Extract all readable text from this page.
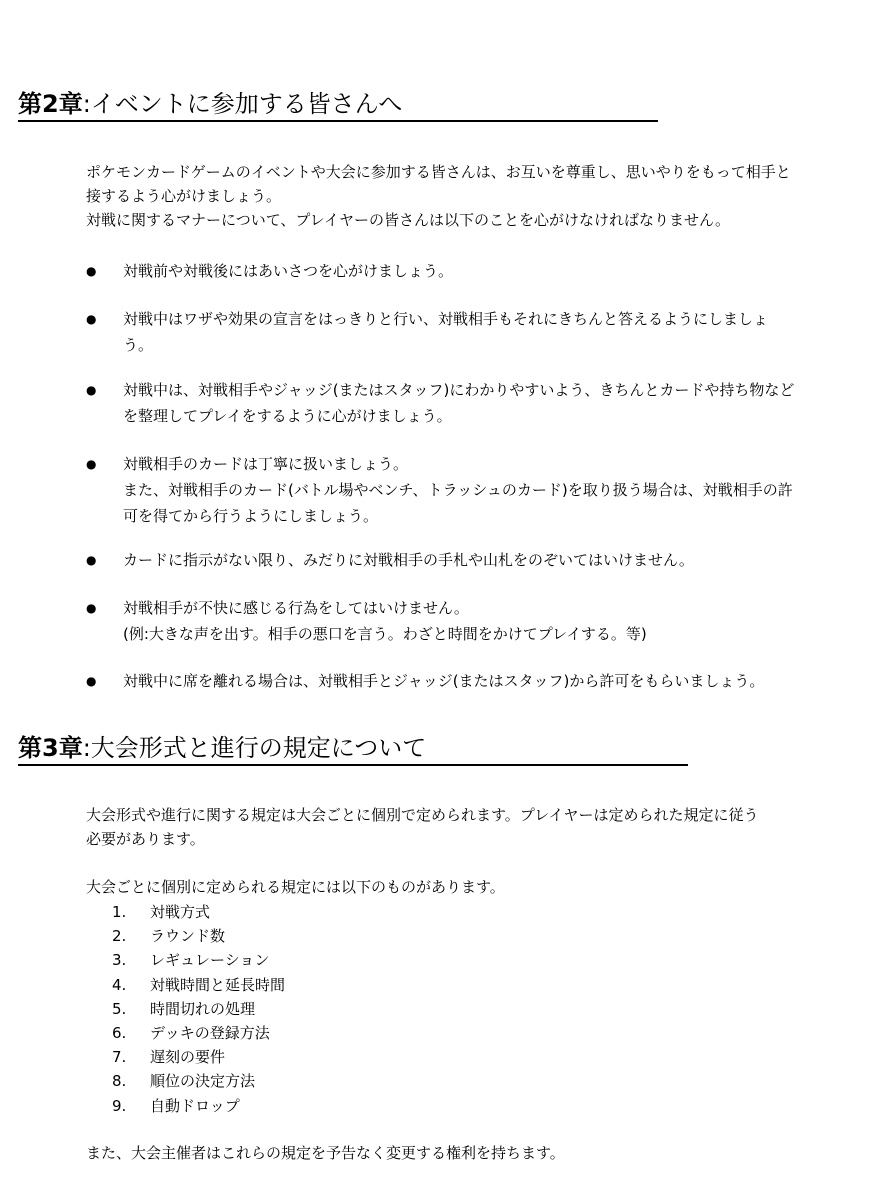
第2章:イベントに参加する皆さんへ

ポケモンカードゲームのイベントや大会に参加する皆さんは、お互いを尊重し、思いやりをもって相手と
接するよう心がけましょう。
対戦に関するマナーについて、プレイヤーの皆さんは以下のことを心がけなければなりません。

●	対戦前や対戦後にはあいさつを心がけましょう。
●	対戦中はワザや効果の宣言をはっきりと行い、対戦相手もそれにきちんと答えるようにしましょ
う。
●	対戦中は、対戦相手やジャッジ(またはスタッフ)にわかりやすいよう、きちんとカードや持ち物など
を整理してプレイをするように心がけましょう。
●	対戦相手のカードは丁寧に扱いましょう。
また、対戦相手のカード(バトル場やベンチ、トラッシュのカード)を取り扱う場合は、対戦相手の許
可を得てから行うようにしましょう。
●	カードに指示がない限り、みだりに対戦相手の手札や山札をのぞいてはいけません。
●	対戦相手が不快に感じる行為をしてはいけません。
(例:大きな声を出す。相手の悪口を言う。わざと時間をかけてプレイする。等)
●	対戦中に席を離れる場合は、対戦相手とジャッジ(またはスタッフ)から許可をもらいましょう。
第3章:大会形式と進行の規定について

大会形式や進行に関する規定は大会ごとに個別で定められます。プレイヤーは定められた規定に従う
必要があります。

大会ごとに個別に定められる規定には以下のものがあります。

1. 対戦方式
2. ラウンド数
3. レギュレーション
4. 対戦時間と延長時間
5. 時間切れの処理
6. デッキの登録方法
7. 遅刻の要件
8. 順位の決定方法
9. 自動ドロップ

また、大会主催者はこれらの規定を予告なく変更する権利を持ちます。
